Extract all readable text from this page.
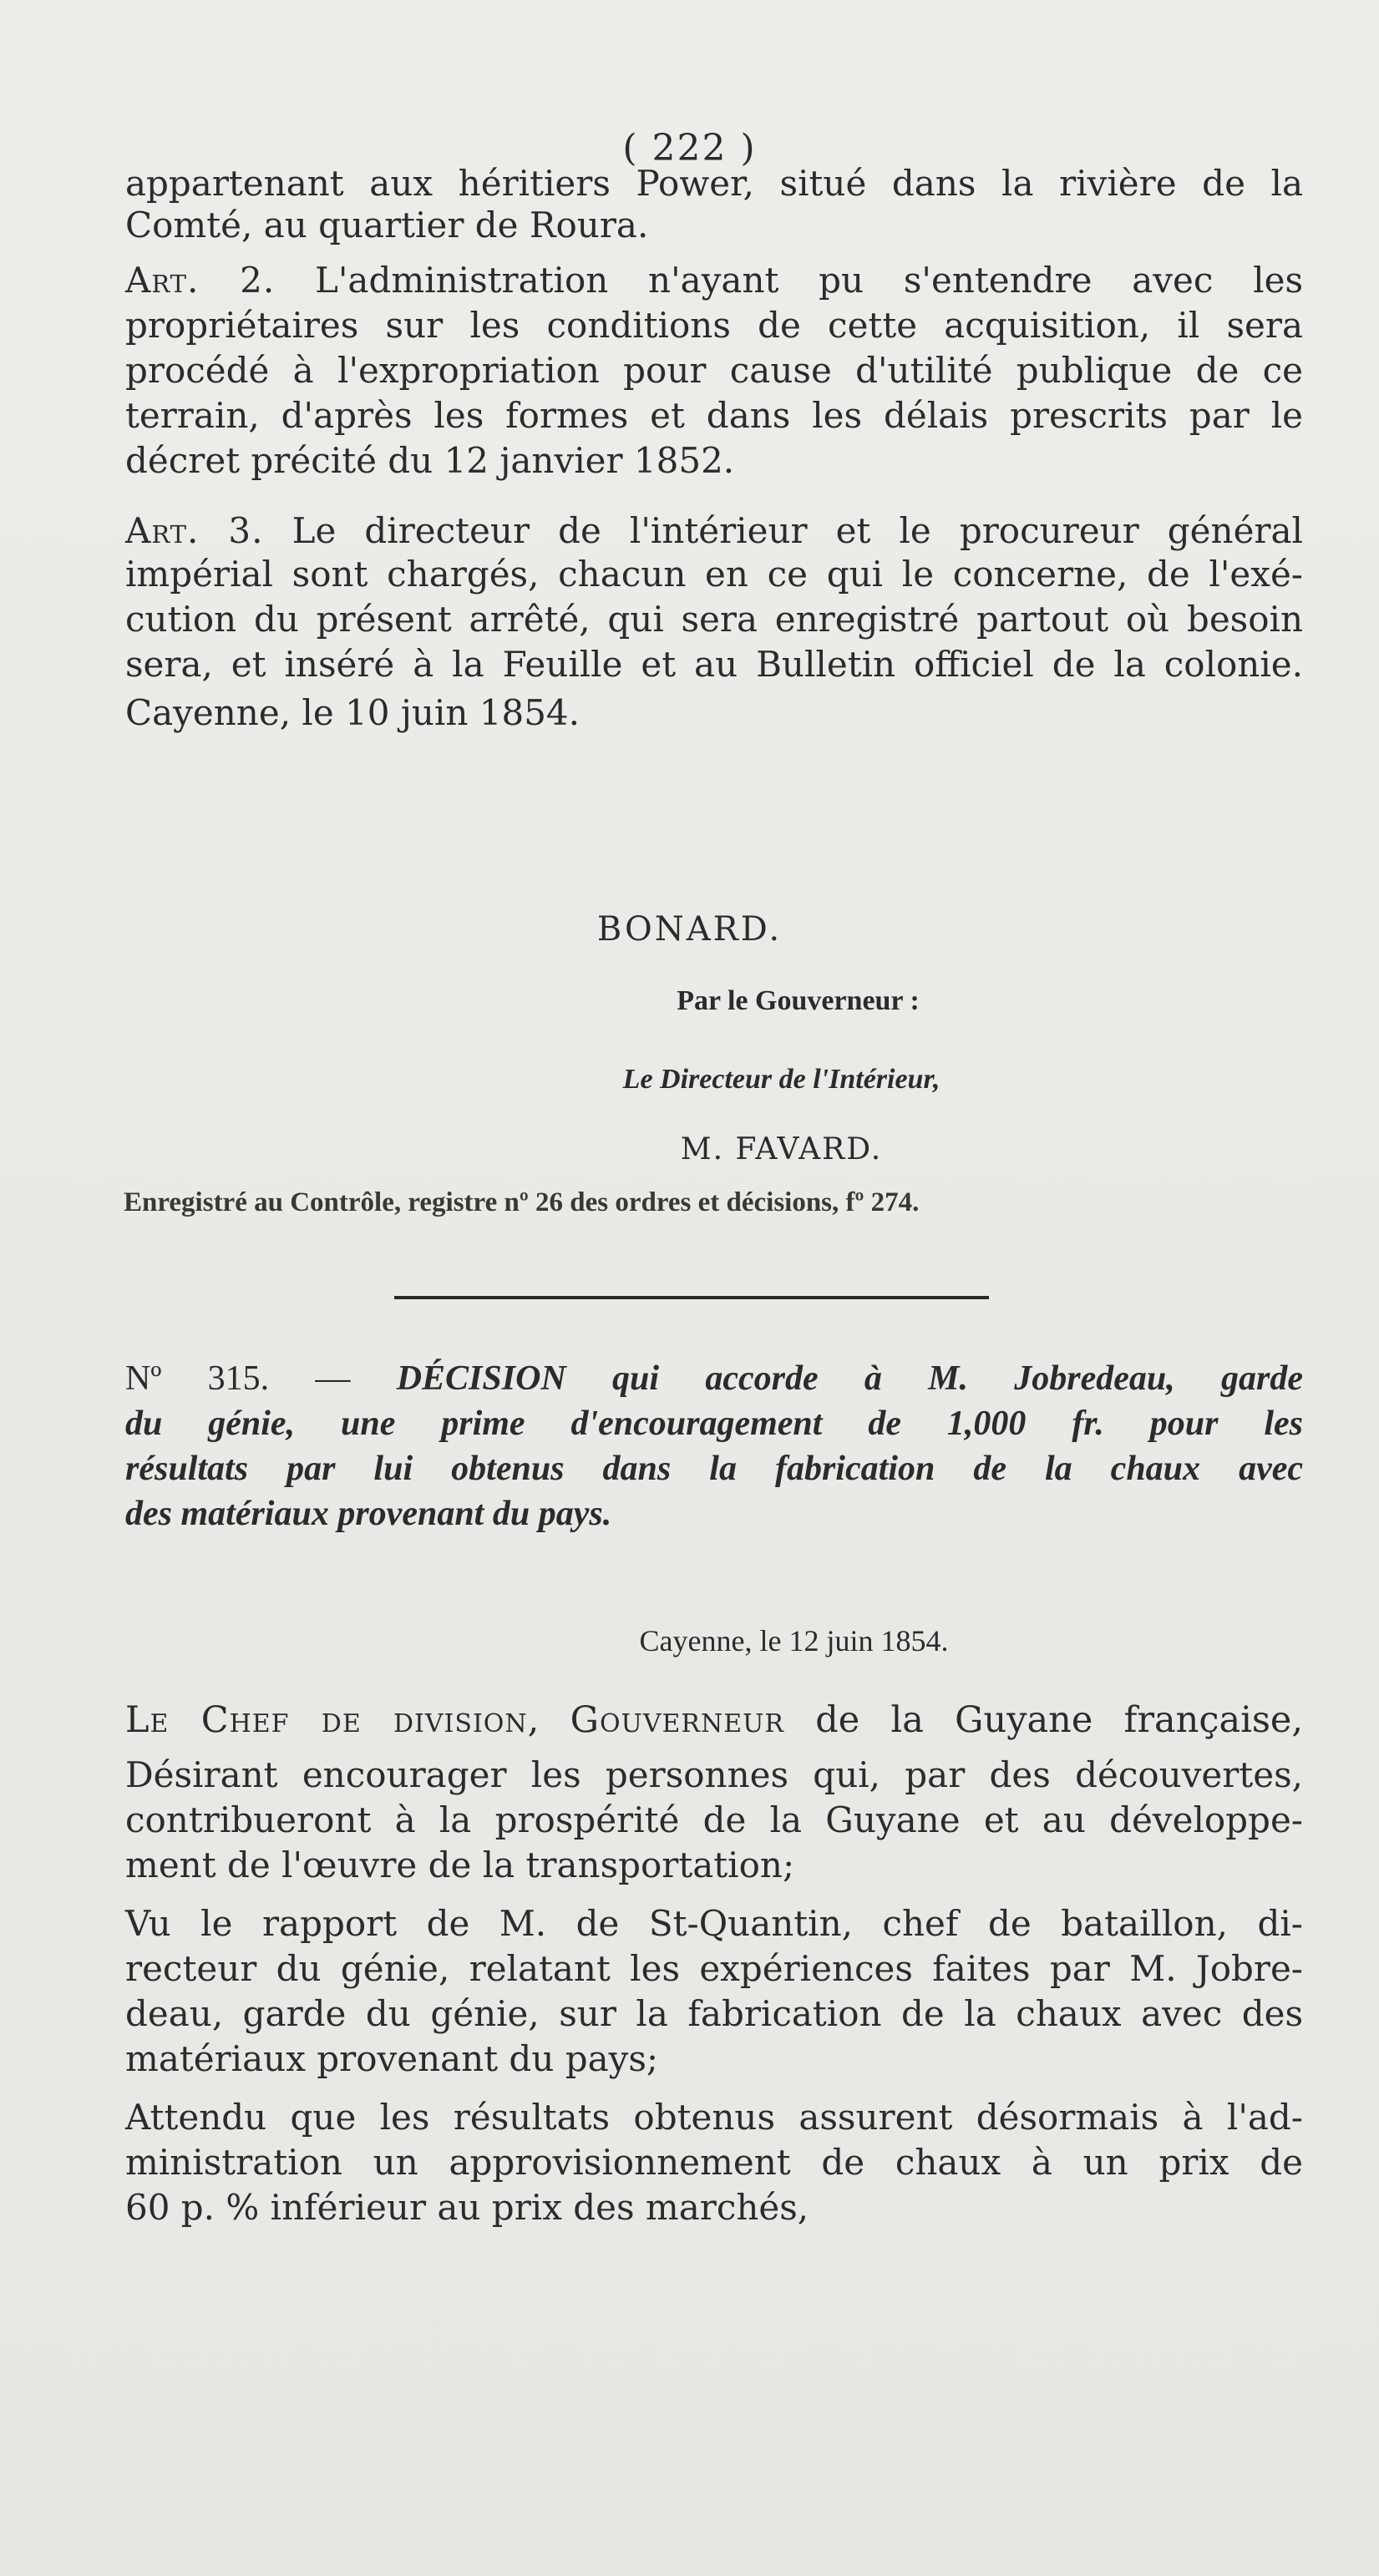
( 222 )

appartenant aux héritiers Power, situé dans la rivière de la

Comté, au quartier de Roura.

Art. 2. L'administration n'ayant pu s'entendre avec les

propriétaires sur les conditions de cette acquisition, il sera

procédé à l'expropriation pour cause d'utilité publique de ce

terrain, d'après les formes et dans les délais prescrits par le

décret précité du 12 janvier 1852.

Art. 3. Le directeur de l'intérieur et le procureur général

impérial sont chargés, chacun en ce qui le concerne, de l'exé-

cution du présent arrêté, qui sera enregistré partout où besoin

sera, et inséré à la Feuille et au Bulletin officiel de la colonie.

Cayenne, le 10 juin 1854.

BONARD.

Par le Gouverneur :

Le Directeur de l'Intérieur,

M. FAVARD.

Enregistré au Contrôle, registre nº 26 des ordres et décisions, fº 274.

Nº 315. — DÉCISION qui accorde à M. Jobredeau, garde

du génie, une prime d'encouragement de 1,000 fr. pour les

résultats par lui obtenus dans la fabrication de la chaux avec

des matériaux provenant du pays.

Cayenne, le 12 juin 1854.

Le Chef de division, Gouverneur de la Guyane française,

Désirant encourager les personnes qui, par des découvertes,

contribueront à la prospérité de la Guyane et au développe-

ment de l'œuvre de la transportation;

Vu le rapport de M. de St-Quantin, chef de bataillon, di-

recteur du génie, relatant les expériences faites par M. Jobre-

deau, garde du génie, sur la fabrication de la chaux avec des

matériaux provenant du pays;

Attendu que les résultats obtenus assurent désormais à l'ad-

ministration un approvisionnement de chaux à un prix de

60 p. % inférieur au prix des marchés,
